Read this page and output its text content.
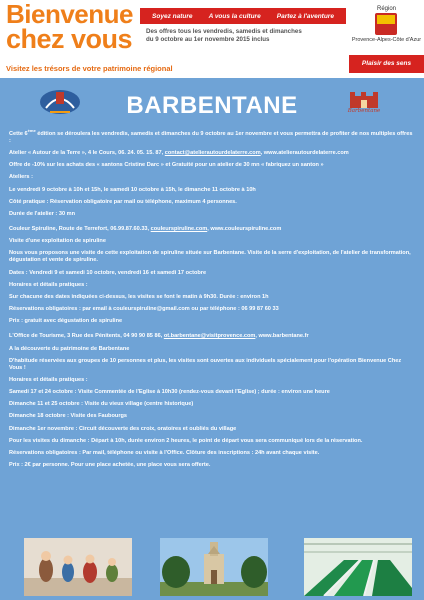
Bienvenue
chez vous
Visitez les trésors de votre patrimoine régional
Soyez nature A vous la culture Partez à l'aventure
Des offres tous les vendredis, samedis et dimanches
du 9 octobre au 1er novembre 2015 inclus
Région
Provence-Alpes-Côte d'Azur
Plaisir des sens
BARBENTANE	Barbentane

Cette 6ème édition se déroulera les vendredis, samedis et dimanches du 9 octobre au 1er novembre et vous permettra de profiter de nos multiples offres :

Atelier « Autour de la Terre », 4 le Cours, 06. 24. 05. 15. 87, contact@atelierautourdelaterre.com, www.atelierautourdelaterre.com

Offre de -10% sur les achats des « santons Cristine Darc » et Gratuité pour un atelier de 30 mn « fabriquez un santon »

Ateliers :

Le vendredi 9 octobre à 10h et 15h, le samedi 10 octobre à 15h, le dimanche 11 octobre à 10h

Côté pratique : Réservation obligatoire par mail ou téléphone, maximum 4 personnes.

Durée de l'atelier : 30 mn

Couleur Spiruline, Route de Terrefort, 06.99.87.60.33, couleurspiruline.com, www.couleurspiruline.com

Visite d'une exploitation de spiruline

Nous vous proposons une visite de cette exploitation de spiruline située sur Barbentane. Visite de la serre d'exploitation, de l'atelier de transformation, dégustation et vente de spiruline.

Dates : Vendredi 9 et samedi 10 octobre, vendredi 16 et samedi 17 octobre

Horaires et détails pratiques :

Sur chacune des dates indiquées ci-dessus, les visites se font le matin à 9h30. Durée : environ 1h

Réservations obligatoires : par email à couleurspiruline@gmail.com ou par téléphone : 06 99 87 60 33

Prix : gratuit avec dégustation de spiruline

L'Office de Tourisme, 3 Rue des Pénitents, 04 90 90 85 86, ot.barbentane@visitprovence.com, www.barbentane.fr

A la découverte du patrimoine de Barbentane

D'habitude réservées aux groupes de 10 personnes et plus, les visites sont ouvertes aux individuels spécialement pour l'opération Bienvenue Chez Vous !

Horaires et détails pratiques :

Samedi 17 et 24 octobre : Visite Commentée de l'Eglise à 10h30 (rendez-vous devant l'Eglise) ; durée : environ une heure

Dimanche 11 et 25 octobre : Visite du vieux village (centre historique)

Dimanche 18 octobre : Visite des Faubourgs

Dimanche 1er novembre : Circuit découverte des croix, oratoires et oubliés du village

Pour les visites du dimanche : Départ à 10h, durée environ 2 heures, le point de départ vous sera communiqué lors de la réservation.

Réservations obligatoires : Par mail, téléphone ou visite à l'Office. Clôture des inscriptions : 24h avant chaque visite.

Prix : 2€ par personne. Pour une place achetée, une place vous sera offerte.
